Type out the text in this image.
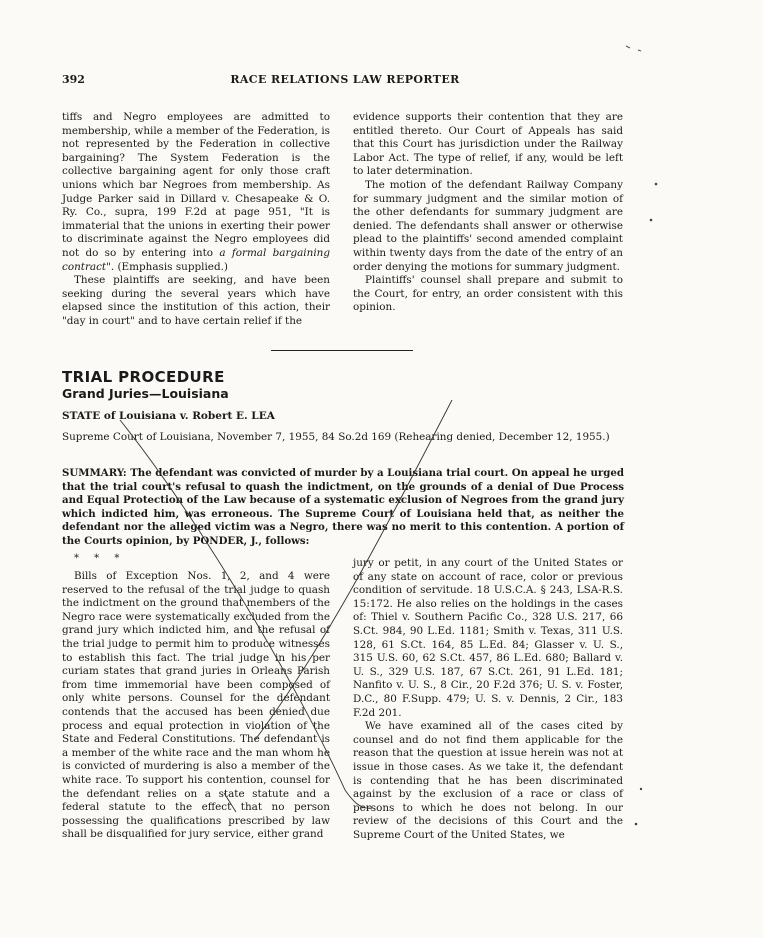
392	RACE RELATIONS LAW REPORTER

tiffs and Negro employees are admitted to membership, while a member of the Federation, is not represented by the Federation in collective bargaining? The System Federation is the collective bargaining agent for only those craft unions which bar Negroes from membership. As Judge Parker said in Dillard v. Chesapeake & O. Ry. Co., supra, 199 F.2d at page 951, "It is immaterial that the unions in exerting their power to discriminate against the Negro employees did not do so by entering into a formal bargaining contract". (Emphasis supplied.)

These plaintiffs are seeking, and have been seeking during the several years which have elapsed since the institution of this action, their "day in court" and to have certain relief if the

evidence supports their contention that they are entitled thereto. Our Court of Appeals has said that this Court has jurisdiction under the Railway Labor Act. The type of relief, if any, would be left to later determination.

The motion of the defendant Railway Company for summary judgment and the similar motion of the other defendants for summary judgment are denied. The defendants shall answer or otherwise plead to the plaintiffs' second amended complaint within twenty days from the date of the entry of an order denying the motions for summary judgment.

Plaintiffs' counsel shall prepare and submit to the Court, for entry, an order consistent with this opinion.

TRIAL PROCEDURE
Grand Juries—Louisiana
STATE of Louisiana v. Robert E. LEA
Supreme Court of Louisiana, November 7, 1955, 84 So.2d 169 (Rehearing denied, December 12, 1955.)
SUMMARY: The defendant was convicted of murder by a Louisiana trial court. On appeal he urged that the trial court's refusal to quash the indictment, on the grounds of a denial of Due Process and Equal Protection of the Law because of a systematic exclusion of Negroes from the grand jury which indicted him, was erroneous. The Supreme Court of Louisiana held that, as neither the defendant nor the alleged victim was a Negro, there was no merit to this contention. A portion of the Courts opinion, by PONDER, J., follows:
* * *

Bills of Exception Nos. 1, 2, and 4 were reserved to the refusal of the trial judge to quash the indictment on the ground that members of the Negro race were systematically excluded from the grand jury which indicted him, and the refusal of the trial judge to permit him to produce witnesses to establish this fact. The trial judge in his per curiam states that grand juries in Orleans Parish from time immemorial have been composed of only white persons. Counsel for the defendant contends that the accused has been denied due process and equal protection in violation of the State and Federal Constitutions. The defendant is a member of the white race and the man whom he is convicted of murdering is also a member of the white race. To support his contention, counsel for the defendant relies on a state statute and a federal statute to the effect that no person possessing the qualifications prescribed by law shall be disqualified for jury service, either grand

jury or petit, in any court of the United States or of any state on account of race, color or previous condition of servitude. 18 U.S.C.A. § 243, LSA-R.S. 15:172. He also relies on the holdings in the cases of: Thiel v. Southern Pacific Co., 328 U.S. 217, 66 S.Ct. 984, 90 L.Ed. 1181; Smith v. Texas, 311 U.S. 128, 61 S.Ct. 164, 85 L.Ed. 84; Glasser v. U. S., 315 U.S. 60, 62 S.Ct. 457, 86 L.Ed. 680; Ballard v. U. S., 329 U.S. 187, 67 S.Ct. 261, 91 L.Ed. 181; Nanfito v. U. S., 8 Cir., 20 F.2d 376; U. S. v. Foster, D.C., 80 F.Supp. 479; U. S. v. Dennis, 2 Cir., 183 F.2d 201.

We have examined all of the cases cited by counsel and do not find them applicable for the reason that the question at issue herein was not at issue in those cases. As we take it, the defendant is contending that he has been discriminated against by the exclusion of a race or class of persons to which he does not belong. In our review of the decisions of this Court and the Supreme Court of the United States, we
